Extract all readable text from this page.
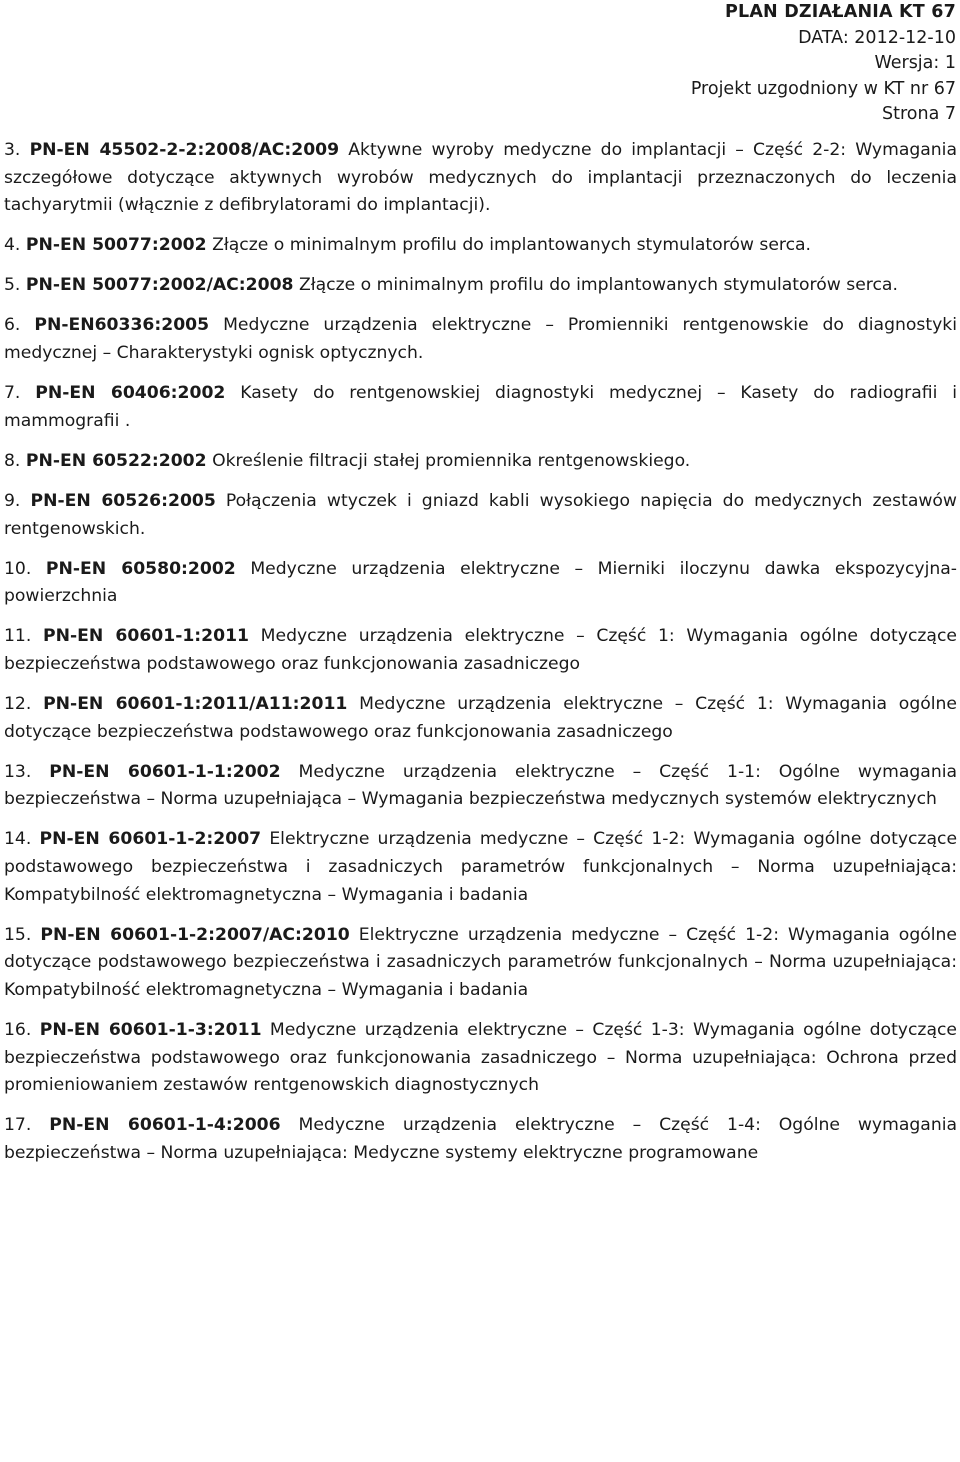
PLAN DZIAŁANIA KT 67
DATA: 2012-12-10
Wersja: 1
Projekt uzgodniony w KT nr 67
Strona 7
3. PN-EN 45502-2-2:2008/AC:2009 Aktywne wyroby medyczne do implantacji – Część 2-2: Wymagania szczegółowe dotyczące aktywnych wyrobów medycznych do implantacji przeznaczonych do leczenia tachyarytmii (włącznie z defibrylatorami do implantacji).
4. PN-EN 50077:2002 Złącze o minimalnym profilu do implantowanych stymulatorów serca.
5. PN-EN 50077:2002/AC:2008 Złącze o minimalnym profilu do implantowanych stymulatorów serca.
6. PN-EN60336:2005 Medyczne urządzenia elektryczne – Promienniki rentgenowskie do diagnostyki medycznej – Charakterystyki ognisk optycznych.
7. PN-EN 60406:2002 Kasety do rentgenowskiej diagnostyki medycznej – Kasety do radiografii i mammografii .
8. PN-EN 60522:2002 Określenie filtracji stałej promiennika rentgenowskiego.
9. PN-EN 60526:2005 Połączenia wtyczek i gniazd kabli wysokiego napięcia do medycznych zestawów rentgenowskich.
10. PN-EN 60580:2002 Medyczne urządzenia elektryczne – Mierniki iloczynu dawka ekspozycyjna-powierzchnia
11. PN-EN 60601-1:2011 Medyczne urządzenia elektryczne – Część 1: Wymagania ogólne dotyczące bezpieczeństwa podstawowego oraz funkcjonowania zasadniczego
12. PN-EN 60601-1:2011/A11:2011 Medyczne urządzenia elektryczne – Część 1: Wymagania ogólne dotyczące bezpieczeństwa podstawowego oraz funkcjonowania zasadniczego
13. PN-EN 60601-1-1:2002 Medyczne urządzenia elektryczne – Część 1-1: Ogólne wymagania bezpieczeństwa – Norma uzupełniająca – Wymagania bezpieczeństwa medycznych systemów elektrycznych
14. PN-EN 60601-1-2:2007 Elektryczne urządzenia medyczne – Część 1-2: Wymagania ogólne dotyczące podstawowego bezpieczeństwa i zasadniczych parametrów funkcjonalnych – Norma uzupełniająca: Kompatybilność elektromagnetyczna – Wymagania i badania
15. PN-EN 60601-1-2:2007/AC:2010 Elektryczne urządzenia medyczne – Część 1-2: Wymagania ogólne dotyczące podstawowego bezpieczeństwa i zasadniczych parametrów funkcjonalnych – Norma uzupełniająca: Kompatybilność elektromagnetyczna – Wymagania i badania
16. PN-EN 60601-1-3:2011 Medyczne urządzenia elektryczne – Część 1-3: Wymagania ogólne dotyczące bezpieczeństwa podstawowego oraz funkcjonowania zasadniczego – Norma uzupełniająca: Ochrona przed promieniowaniem zestawów rentgenowskich diagnostycznych
17. PN-EN 60601-1-4:2006 Medyczne urządzenia elektryczne – Część 1-4: Ogólne wymagania bezpieczeństwa – Norma uzupełniająca: Medyczne systemy elektryczne programowane
